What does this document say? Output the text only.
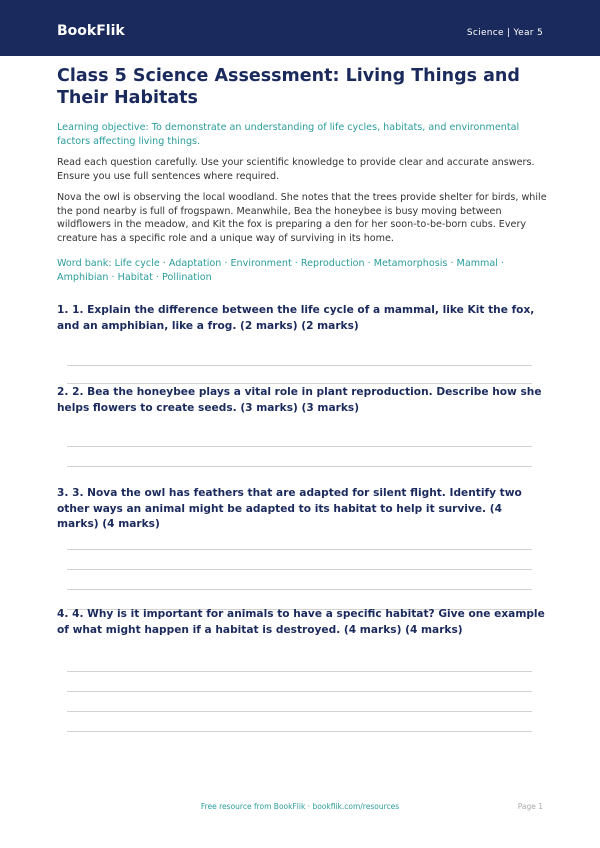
BookFlik	Science | Year 5
Class 5 Science Assessment: Living Things and Their Habitats
Learning objective: To demonstrate an understanding of life cycles, habitats, and environmental factors affecting living things.
Read each question carefully. Use your scientific knowledge to provide clear and accurate answers. Ensure you use full sentences where required.
Nova the owl is observing the local woodland. She notes that the trees provide shelter for birds, while the pond nearby is full of frogspawn. Meanwhile, Bea the honeybee is busy moving between wildflowers in the meadow, and Kit the fox is preparing a den for her soon-to-be-born cubs. Every creature has a specific role and a unique way of surviving in its home.
Word bank: Life cycle · Adaptation · Environment · Reproduction · Metamorphosis · Mammal · Amphibian · Habitat · Pollination
1. 1. Explain the difference between the life cycle of a mammal, like Kit the fox, and an amphibian, like a frog. (2 marks) (2 marks)
2. 2. Bea the honeybee plays a vital role in plant reproduction. Describe how she helps flowers to create seeds. (3 marks) (3 marks)
3. 3. Nova the owl has feathers that are adapted for silent flight. Identify two other ways an animal might be adapted to its habitat to help it survive. (4 marks) (4 marks)
4. 4. Why is it important for animals to have a specific habitat? Give one example of what might happen if a habitat is destroyed. (4 marks) (4 marks)
Free resource from BookFlik · bookflik.com/resources	Page 1
